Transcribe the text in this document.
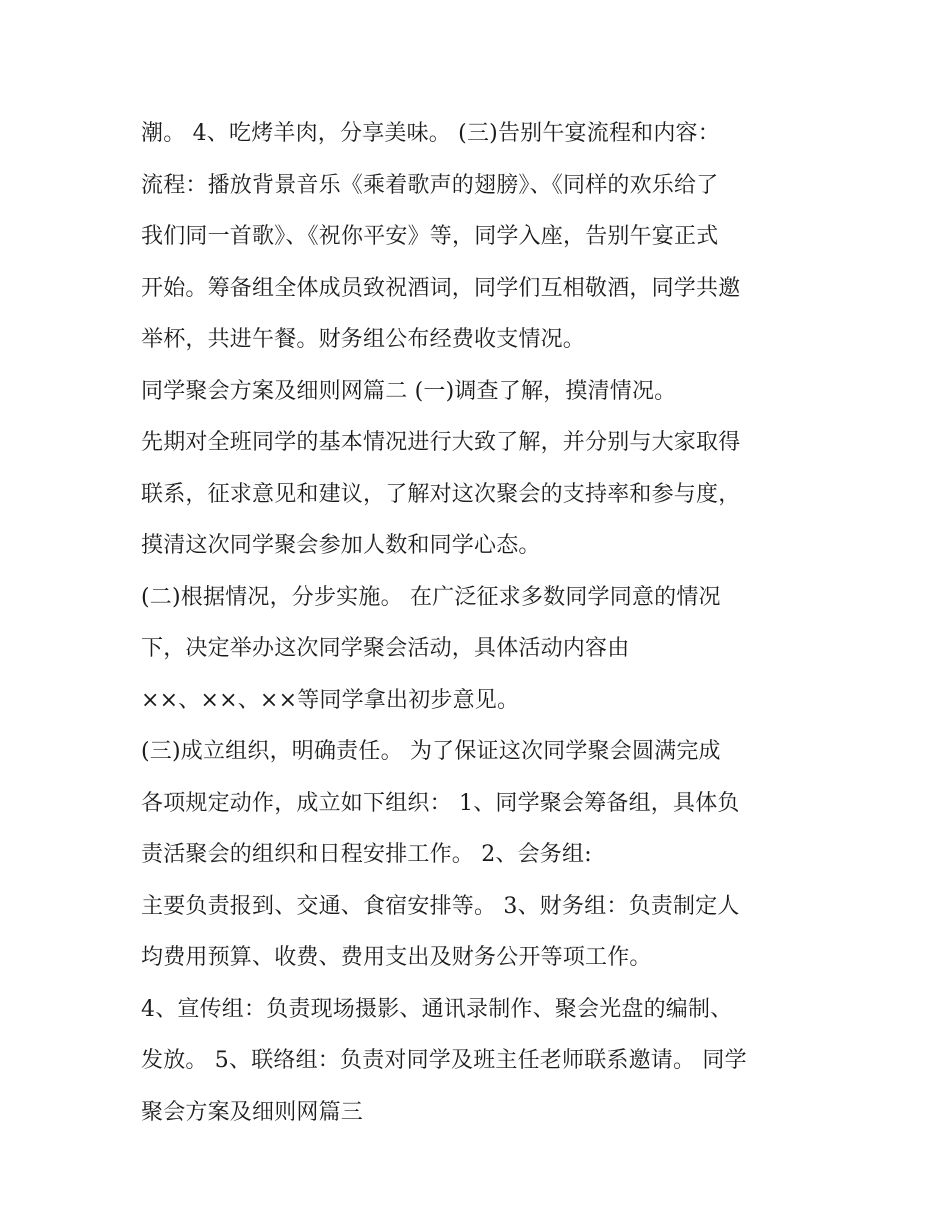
潮。 4、吃烤羊肉，分享美味。 (三)告别午宴流程和内容：
流程：播放背景音乐《乘着歌声的翅膀》、《同样的欢乐给了
我们同一首歌》、《祝你平安》等，同学入座，告别午宴正式
开始。筹备组全体成员致祝酒词，同学们互相敬酒，同学共邀
举杯，共进午餐。财务组公布经费收支情况。
同学聚会方案及细则网篇二 (一)调查了解，摸清情况。
先期对全班同学的基本情况进行大致了解，并分别与大家取得
联系，征求意见和建议，了解对这次聚会的支持率和参与度，
摸清这次同学聚会参加人数和同学心态。
(二)根据情况，分步实施。 在广泛征求多数同学同意的情况
下，决定举办这次同学聚会活动，具体活动内容由
××、××、××等同学拿出初步意见。
(三)成立组织，明确责任。 为了保证这次同学聚会圆满完成
各项规定动作，成立如下组织： 1、同学聚会筹备组，具体负
责活聚会的组织和日程安排工作。 2、会务组:
主要负责报到、交通、食宿安排等。 3、财务组：负责制定人
均费用预算、收费、费用支出及财务公开等项工作。
4、宣传组：负责现场摄影、通讯录制作、聚会光盘的编制、
发放。 5、联络组：负责对同学及班主任老师联系邀请。 同学
聚会方案及细则网篇三
